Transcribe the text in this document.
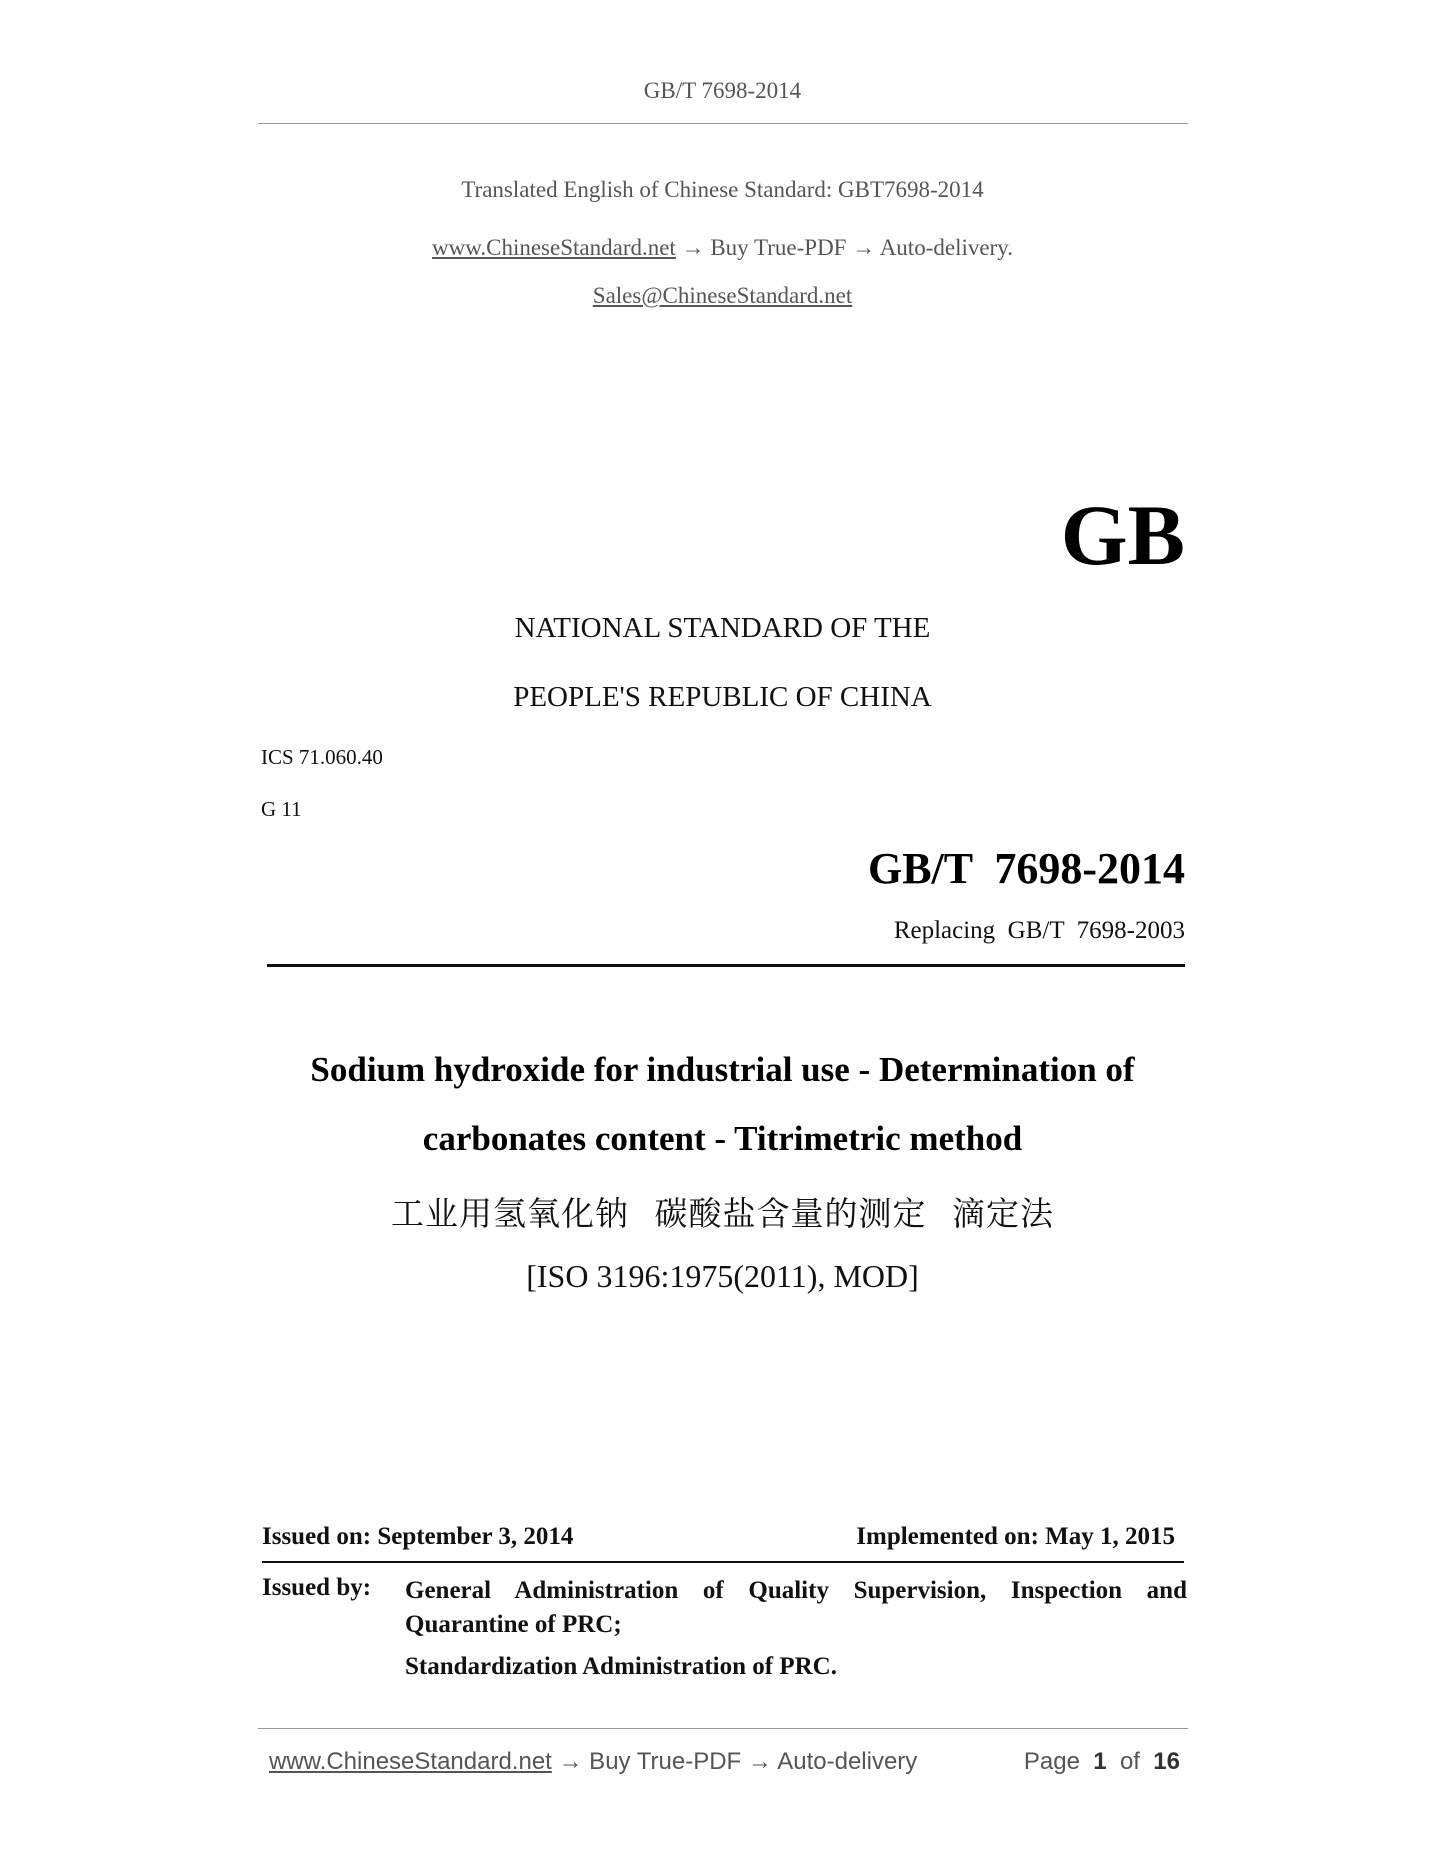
GB/T 7698-2014
Translated English of Chinese Standard: GBT7698-2014
www.ChineseStandard.net → Buy True-PDF → Auto-delivery.
Sales@ChineseStandard.net
GB
NATIONAL STANDARD OF THE
PEOPLE'S REPUBLIC OF CHINA
ICS 71.060.40
G 11
GB/T  7698-2014
Replacing  GB/T  7698-2003
Sodium hydroxide for industrial use - Determination of
carbonates content - Titrimetric method
工业用氢氧化钠 碳酸盐含量的测定 滴定法
[ISO 3196:1975(2011), MOD]
Issued on: September 3, 2014	Implemented on: May 1, 2015
Issued by: General Administration of Quality Supervision, Inspection and
Quarantine of PRC;
Standardization Administration of PRC.
www.ChineseStandard.net → Buy True-PDF → Auto-delivery	Page  1  of  16
